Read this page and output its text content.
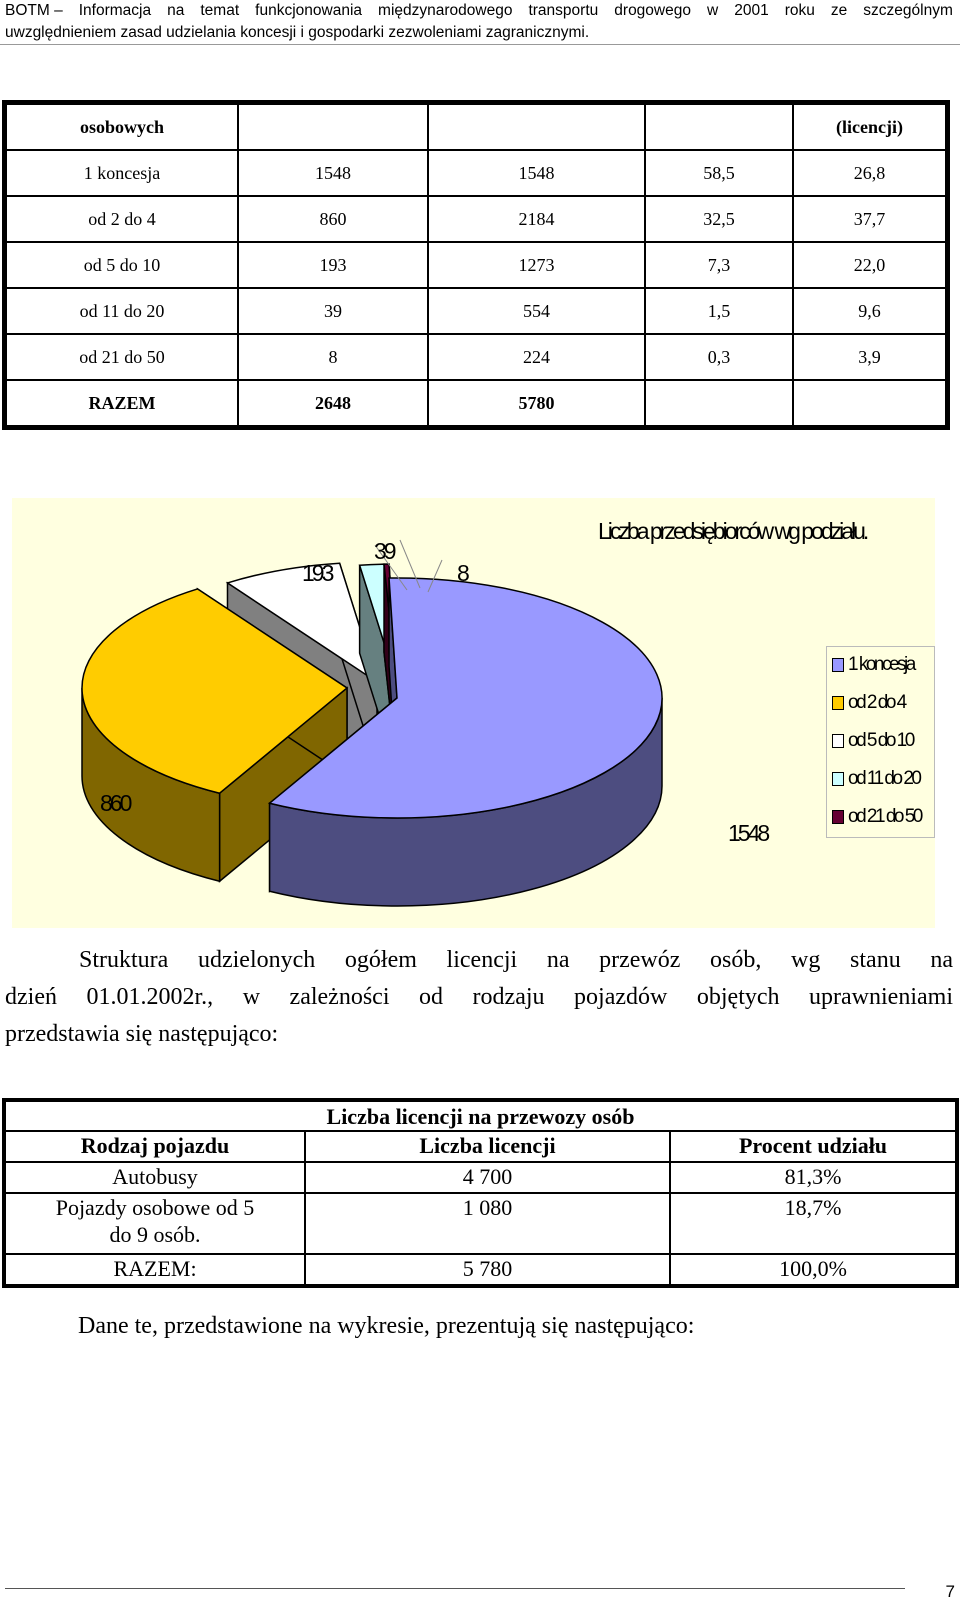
BOTM – Informacja na temat funkcjonowania międzynarodowego transportu drogowego w 2001 roku ze szczególnym
uwzględnieniem zasad udzielania koncesji i gospodarki zezwoleniami zagranicznymi.
osobowych				(licencji)
1 koncesja	1548	1548	58,5	26,8
od 2 do 4	860	2184	32,5	37,7
od 5 do 10	193	1273	7,3	22,0
od 11 do 20	39	554	1,5	9,6
od 21 do 50	8	224	0,3	3,9
RAZEM	2648	5780		
Liczba przedsiębiorców wg podziału.
193
39
8
860
1548
1 koncesja
od 2 do 4
od 5 do 10
od 11 do 20
od 21 do 50
Struktura udzielonych ogółem licencji na przewóz osób, wg stanu na
dzień 01.01.2002r., w zależności od rodzaju pojazdów objętych uprawnieniami
przedstawia się następująco:
Liczba licencji na przewozy osób		
Rodzaj pojazdu	Liczba licencji	Procent udziału
Autobusy	4 700	81,3%
Pojazdy osobowe od 5 do 9 osób.	1 080	18,7%
RAZEM:	5 780	100,0%
Dane te, przedstawione na wykresie, prezentują się następująco:
7
